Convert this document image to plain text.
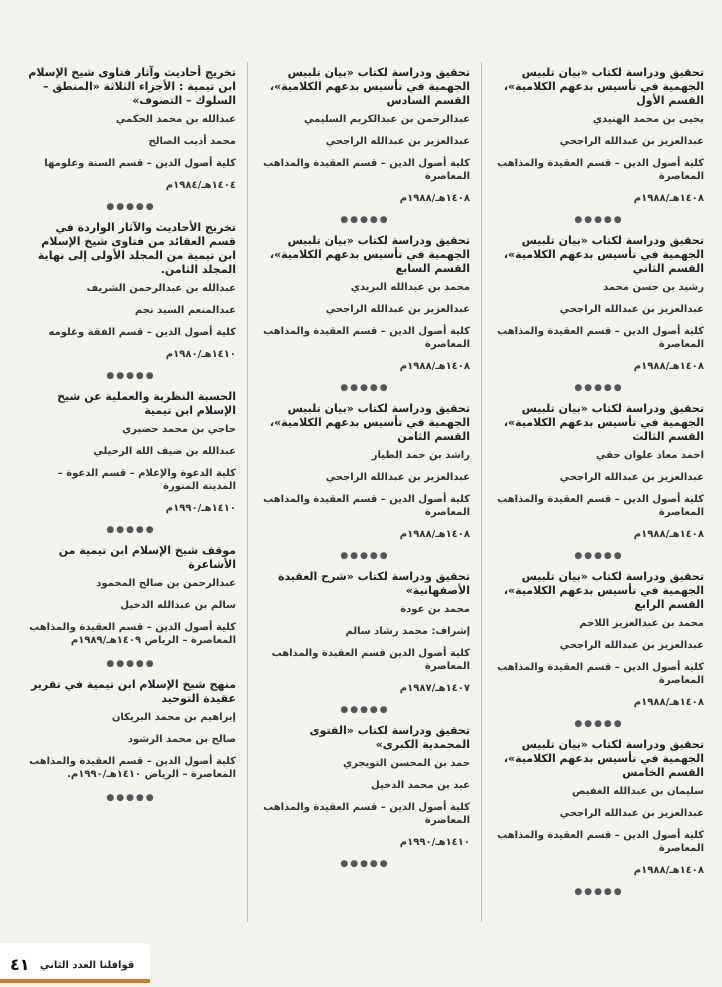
تحقيق ودراسة لكتاب «بيان تلبيس الجهمية في تأسيس بدعهم الكلامية»، القسم الأول
يحيى بن محمد الهنيدي
عبدالعزيز بن عبدالله الراجحي
كلية أصول الدين – قسم العقيدة والمذاهب المعاصرة
١٤٠٨هـ/١٩٨٨م
●●●●●
تحقيق ودراسة لكتاب «بيان تلبيس الجهمية في تأسيس بدعهم الكلامية»، القسم الثاني
رشيد بن حسن محمد
عبدالعزيز بن عبدالله الراجحي
كلية أصول الدين – قسم العقيدة والمذاهب المعاصرة
١٤٠٨هـ/١٩٨٨م
●●●●●
تحقيق ودراسة لكتاب «بيان تلبيس الجهمية في تأسيس بدعهم الكلامية»، القسم الثالث
احمد معاذ علوان حقي
عبدالعزيز بن عبدالله الراجحي
كلية أصول الدين – قسم العقيدة والمذاهب المعاصرة
١٤٠٨هـ/١٩٨٨م
●●●●●
تحقيق ودراسة لكتاب «بيان تلبيس الجهمية في تأسيس بدعهم الكلامية»، القسم الرابع
محمد بن عبدالعزيز اللاحم
عبدالعزيز بن عبدالله الراجحي
كلية أصول الدين – قسم العقيدة والمذاهب المعاصرة
١٤٠٨هـ/١٩٨٨م
●●●●●
تحقيق ودراسة لكتاب «بيان تلبيس الجهمية في تأسيس بدعهم الكلامية»، القسم الخامس
سليمان بن عبدالله الغفيص
عبدالعزيز بن عبدالله الراجحي
كلية أصول الدين – قسم العقيدة والمذاهب المعاصرة
١٤٠٨هـ/١٩٨٨م
●●●●●
تحقيق ودراسة لكتاب «بيان تلبيس الجهمية في تأسيس بدعهم الكلامية»، القسم السادس
عبدالرحمن بن عبدالكريم السليمي
عبدالعزيز بن عبدالله الراجحي
كلية أصول الدين – قسم العقيدة والمذاهب المعاصرة
١٤٠٨هـ/١٩٨٨م
●●●●●
تحقيق ودراسة لكتاب «بيان تلبيس الجهمية في تأسيس بدعهم الكلامية»، القسم السابع
محمد بن عبدالله البريدي
عبدالعزيز بن عبدالله الراجحي
كلية أصول الدين – قسم العقيدة والمذاهب المعاصرة
١٤٠٨هـ/١٩٨٨م
●●●●●
تحقيق ودراسة لكتاب «بيان تلبيس الجهمية في تأسيس بدعهم الكلامية»، القسم الثامن
راشد بن حمد الطيار
عبدالعزيز بن عبدالله الراجحي
كلية أصول الدين – قسم العقيدة والمذاهب المعاصرة
١٤٠٨هـ/١٩٨٨م
●●●●●
تحقيق ودراسة لكتاب «شرح العقيدة الأصفهانية»
محمد بن عودة
إشراف: محمد رشاد سالم
كلية أصول الدين قسم العقيدة والمذاهب المعاصرة
١٤٠٧هـ/١٩٨٧م
●●●●●
تحقيق ودراسة لكتاب «الفتوى المحمدية الكبرى»
حمد بن المحسن التويجري
عبد بن محمد الدخيل
كلية أصول الدين – قسم العقيدة والمذاهب المعاصرة
١٤١٠هـ/١٩٩٠م
●●●●●
تخريج أحاديث وآثار فتاوى شيخ الإسلام ابن تيمية : الأجزاء الثلاثة «المنطق – السلوك – التصوف»
عبدالله بن محمد الحكمي
محمد أديب الصالح
كلية أصول الدين – قسم السنة وعلومها
١٤٠٤هـ/١٩٨٤م
●●●●●
تخريج الأحاديث والآثار الواردة في قسم العقائد من فتاوى شيخ الإسلام ابن تيمية من المجلد الأولى إلى نهاية المجلد الثامن.
عبدالله بن عبدالرحمن الشريف
عبدالمنعم السيد نجم
كلية أصول الدين – قسم الفقة وعلومه
١٤١٠هـ/١٩٨٠م
●●●●●
الحسبة النظرية والعملية عن شيخ الإسلام ابن تيمية
حاجي بن محمد حضيري
عبدالله بن ضيف الله الرحيلي
كلية الدعوة والإعلام – قسم الدعوة – المدينة المنورة
١٤١٠هـ/١٩٩٠م
●●●●●
موقف شيخ الإسلام ابن تيمية من الأشاعرة
عبدالرحمن بن صالح المحمود
سالم بن عبدالله الدخيل
كلية أصول الدين – قسم العقيدة والمذاهب المعاصرة – الرياض ١٤٠٩هـ/١٩٨٩م
●●●●●
منهج شيخ الإسلام ابن تيمية في تقرير عقيدة التوحيد
إبراهيم بن محمد البريكان
صالح بن محمد الرشود
كلية أصول الدين – قسم العقيدة والمذاهب المعاصرة – الرياض ١٤١٠هـ/١٩٩٠م.
●●●●●
٤١ قوافلنا العدد الثاني
